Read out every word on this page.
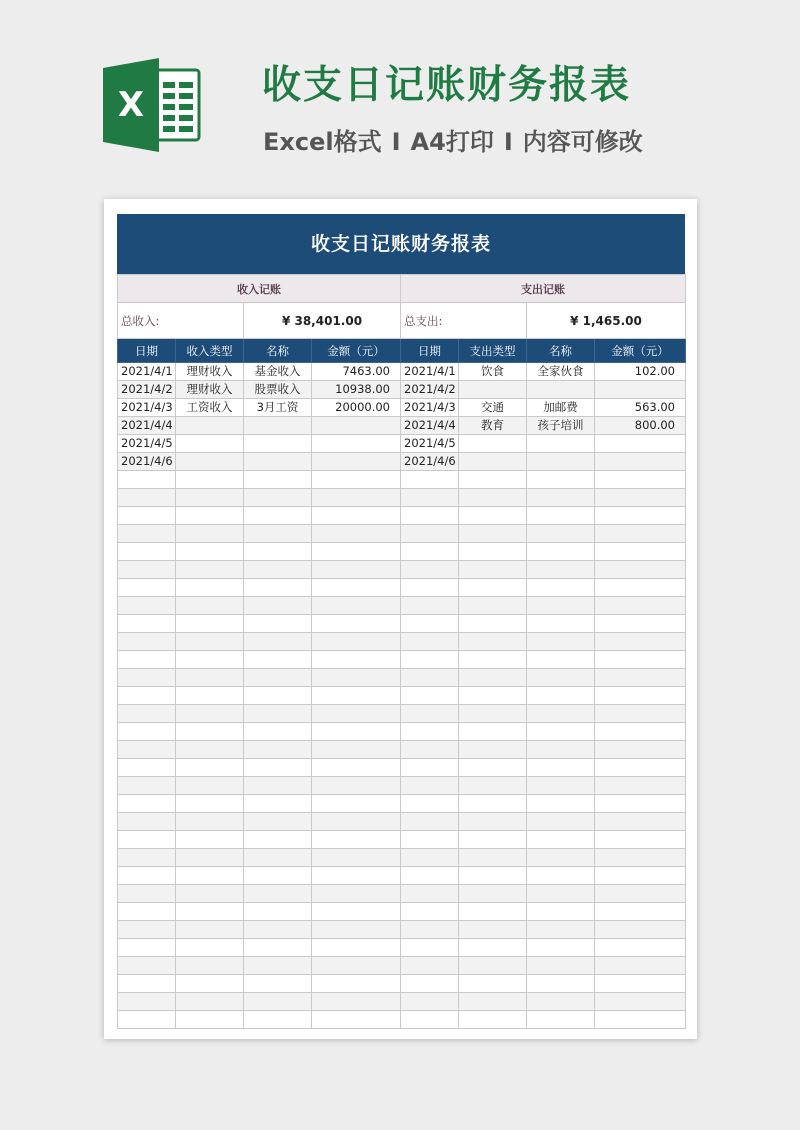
X	收支日记账财务报表
Excel格式 I A4打印 I 内容可修改
收支日记账财务报表
收入记账				支出记账			
总收入:		¥ 38,401.00		总支出:		¥ 1,465.00	
日期	收入类型	名称	金额（元）	日期	支出类型	名称	金额（元）
2021/4/1	理财收入	基金收入	7463.00	2021/4/1	饮食	全家伙食	102.00
2021/4/2	理财收入	股票收入	10938.00	2021/4/2			
2021/4/3	工资收入	3月工资	20000.00	2021/4/3	交通	加邮费	563.00
2021/4/4				2021/4/4	教育	孩子培训	800.00
2021/4/5				2021/4/5			
2021/4/6				2021/4/6			
